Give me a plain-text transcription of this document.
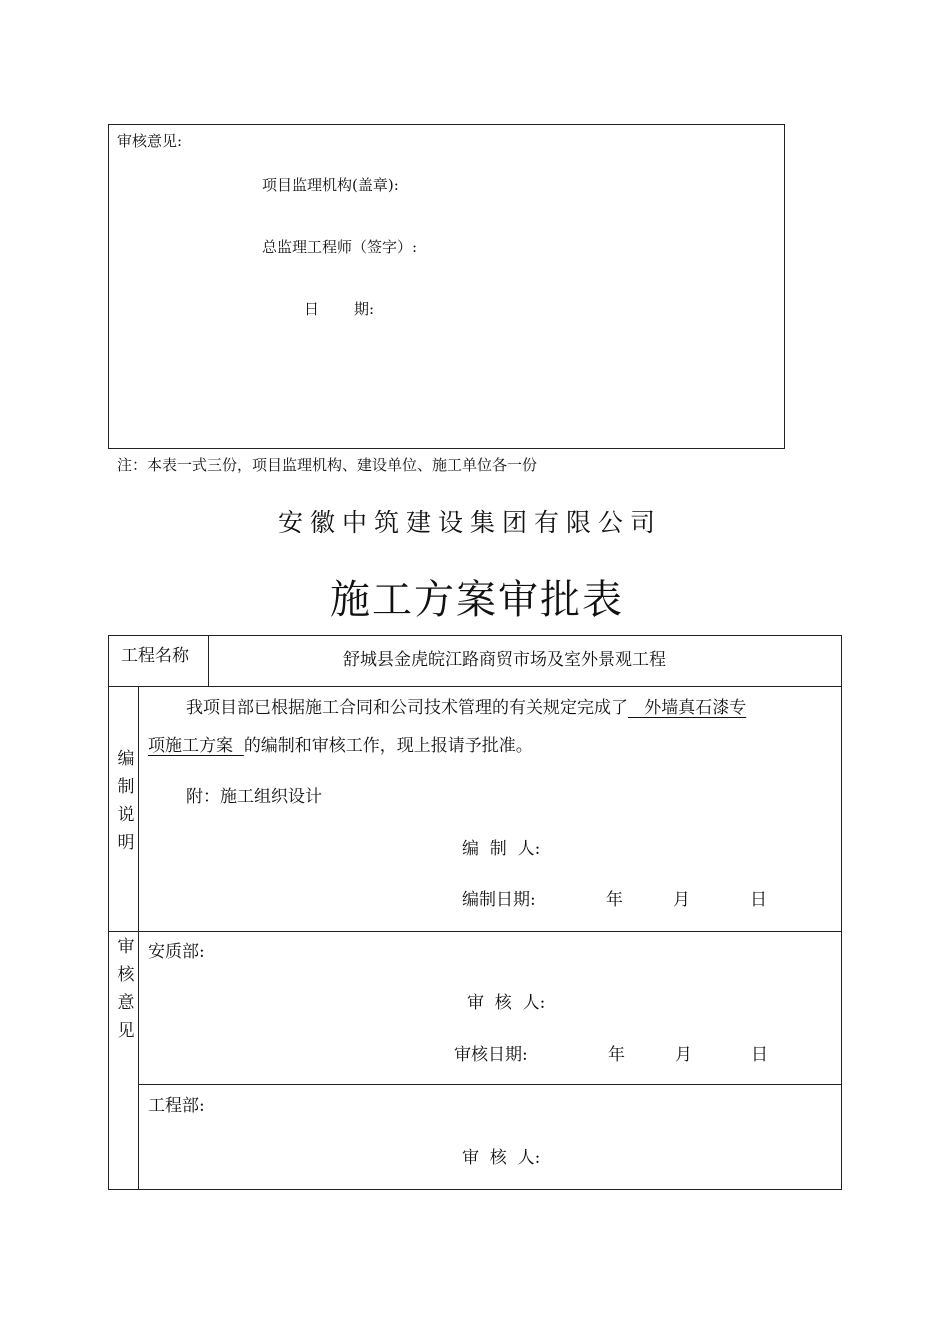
审核意见:
项目监理机构(盖章):
总监理工程师（签字）:
日 期:
注：本表一式三份，项目监理机构、建设单位、施工单位各一份
安徽中筑建设集团有限公司
施工方案审批表
工程名称	舒城县金虎皖江路商贸市场及室外景观工程
编制说明
我项目部已根据施工合同和公司技术管理的有关规定完成了   外墙真石漆专
项施工方案  的编制和审核工作，现上报请予批准。
附：施工组织设计
编  制  人:
编制日期:	年	月	日
审核意见
安质部:
审  核  人:
审核日期:	年	月	日
工程部:
审  核  人:
